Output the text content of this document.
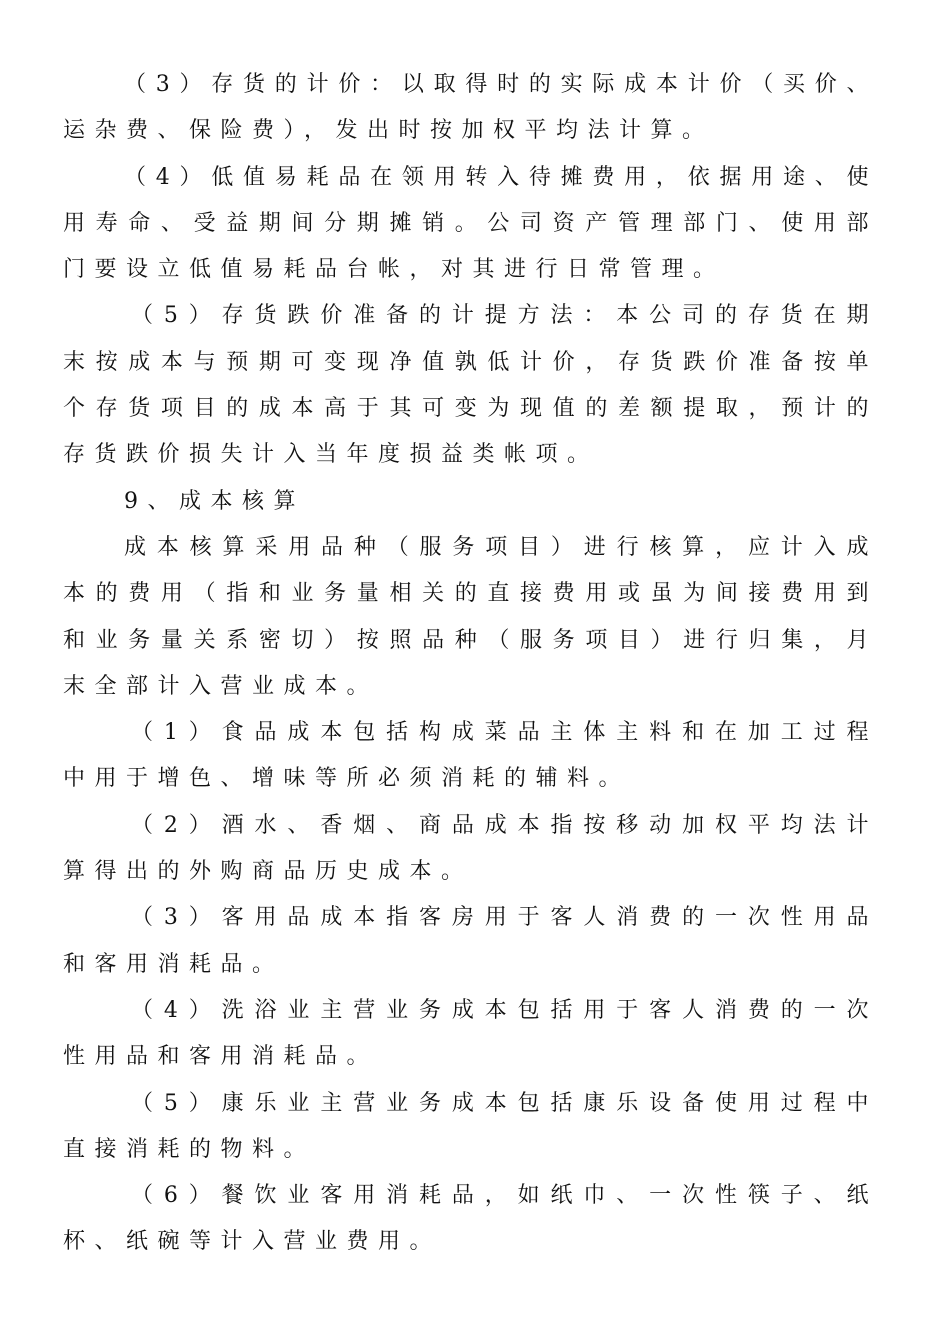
（3）存货的计价：以取得时的实际成本计价（买价、运杂费、保险费），发出时按加权平均法计算。

（4）低值易耗品在领用转入待摊费用，依据用途、使用寿命、受益期间分期摊销。公司资产管理部门、使用部门要设立低值易耗品台帐，对其进行日常管理。

（5）存货跌价准备的计提方法：本公司的存货在期末按成本与预期可变现净值孰低计价，存货跌价准备按单个存货项目的成本高于其可变为现值的差额提取，预计的存货跌价损失计入当年度损益类帐项。

9、成本核算

成本核算采用品种（服务项目）进行核算，应计入成本的费用（指和业务量相关的直接费用或虽为间接费用到和业务量关系密切）按照品种（服务项目）进行归集，月末全部计入营业成本。

（1）食品成本包括构成菜品主体主料和在加工过程中用于增色、增味等所必须消耗的辅料。

（2）酒水、香烟、商品成本指按移动加权平均法计算得出的外购商品历史成本。

（3）客用品成本指客房用于客人消费的一次性用品和客用消耗品。

（4）洗浴业主营业务成本包括用于客人消费的一次性用品和客用消耗品。

（5）康乐业主营业务成本包括康乐设备使用过程中直接消耗的物料。

（6）餐饮业客用消耗品，如纸巾、一次性筷子、纸杯、纸碗等计入营业费用。
